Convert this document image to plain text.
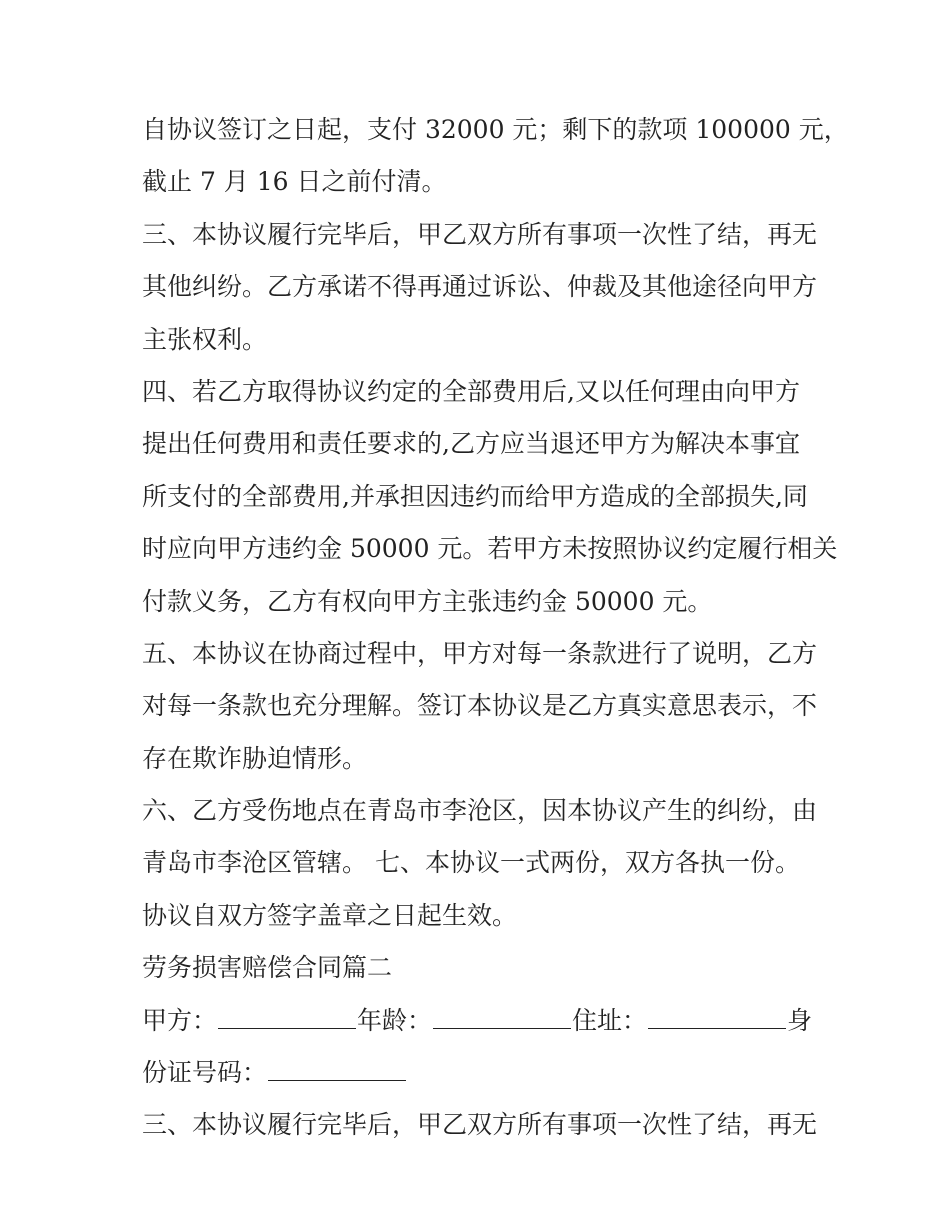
自协议签订之日起，支付 32000 元；剩下的款项 100000 元，
截止 7 月 16 日之前付清。
三、本协议履行完毕后，甲乙双方所有事项一次性了结，再无
其他纠纷。乙方承诺不得再通过诉讼、仲裁及其他途径向甲方
主张权利。
四、若乙方取得协议约定的全部费用后,又以任何理由向甲方
提出任何费用和责任要求的,乙方应当退还甲方为解决本事宜
所支付的全部费用,并承担因违约而给甲方造成的全部损失,同
时应向甲方违约金 50000 元。若甲方未按照协议约定履行相关
付款义务，乙方有权向甲方主张违约金 50000 元。
五、本协议在协商过程中，甲方对每一条款进行了说明，乙方
对每一条款也充分理解。签订本协议是乙方真实意思表示，不
存在欺诈胁迫情形。
六、乙方受伤地点在青岛市李沧区，因本协议产生的纠纷，由
青岛市李沧区管辖。 七、本协议一式两份，双方各执一份。
协议自双方签字盖章之日起生效。
劳务损害赔偿合同篇二
甲方：	年龄：	住址：	身
份证号码：
三、本协议履行完毕后，甲乙双方所有事项一次性了结，再无
